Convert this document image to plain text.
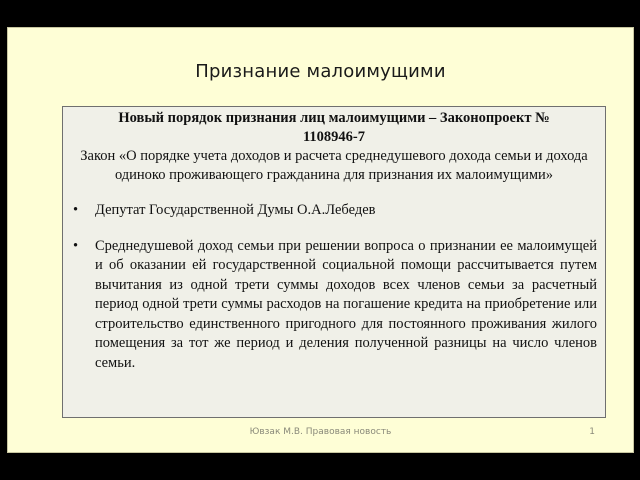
Признание малоимущими
Новый порядок признания лиц малоимущими – Законопроект №
1108946-7
Закон «О порядке учета доходов и расчета среднедушевого дохода семьи и дохода одиноко проживающего гражданина для признания их малоимущими»
•	Депутат Государственной Думы О.А.Лебедев
•	Среднедушевой доход семьи при решении вопроса о признании ее малоимущей и об оказании ей государственной социальной помощи рассчитывается путем вычитания из одной трети суммы доходов всех членов семьи за расчетный период одной трети суммы расходов на погашение кредита на приобретение или строительство единственного пригодного для постоянного проживания жилого помещения за тот же период и деления полученной разницы на число членов семьи.
Ювзак М.В. Правовая новость	1
